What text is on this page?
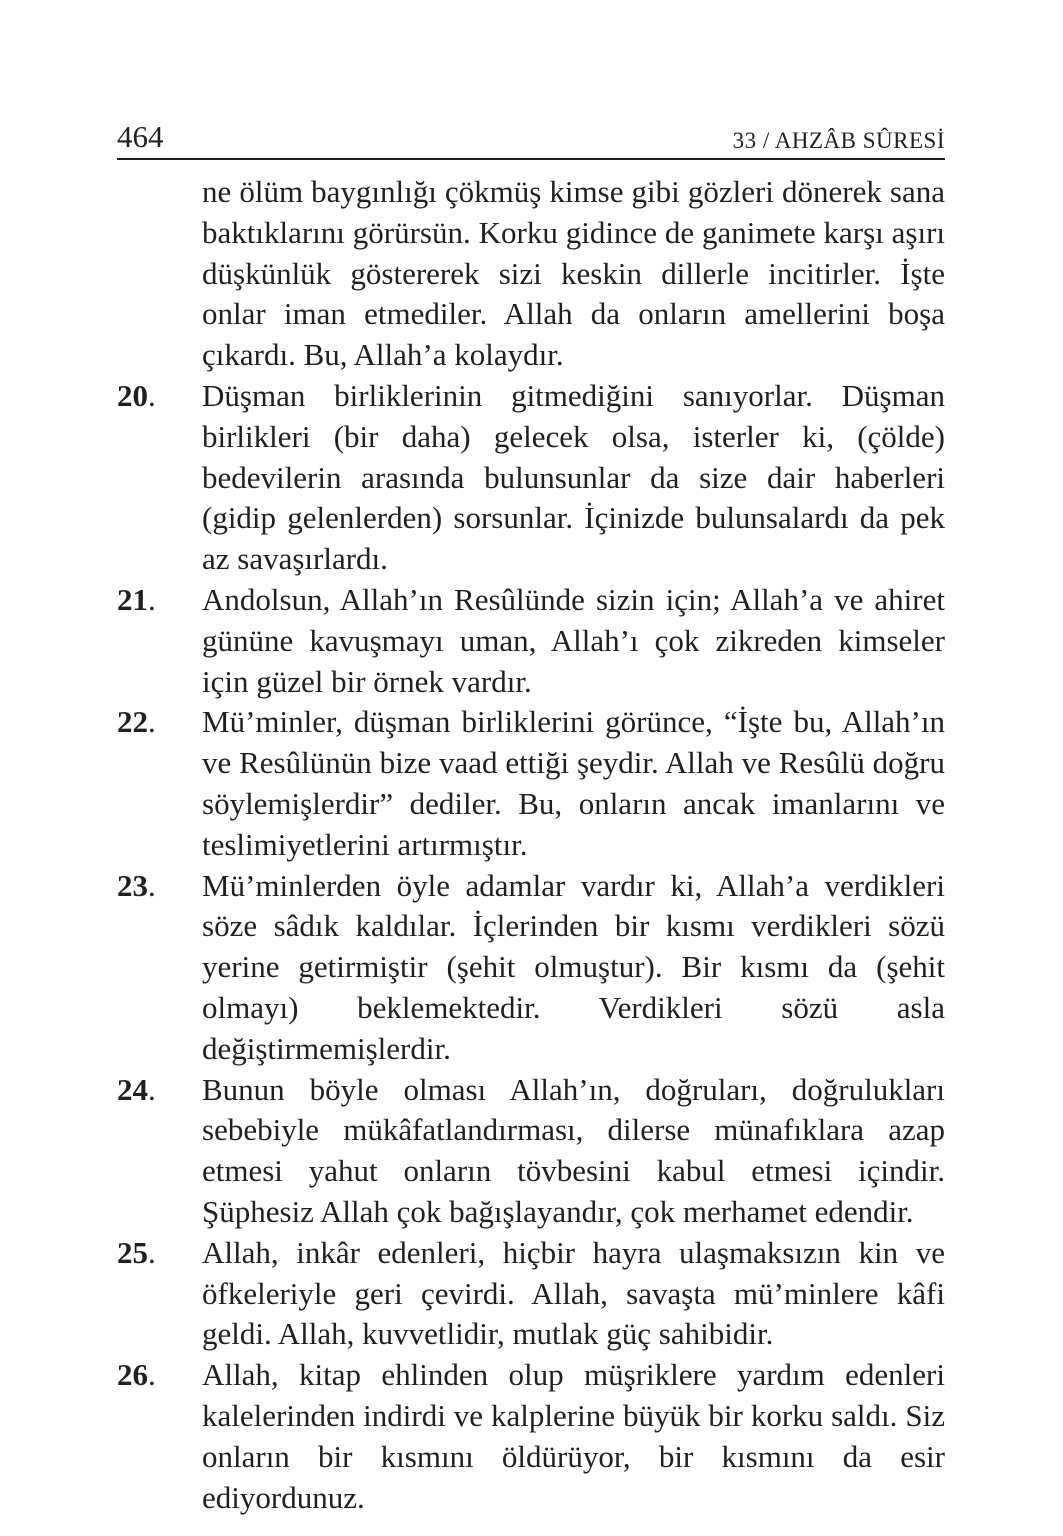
464	33 / AHZÂB SÛRESİ
ne ölüm baygınlığı çökmüş kimse gibi gözleri dönerek sana baktıklarını görürsün. Korku gidince de ganimete karşı aşırı düşkünlük göstererek sizi keskin dillerle incitirler. İşte onlar iman etmediler. Allah da onların amellerini boşa çıkardı. Bu, Allah’a kolaydır.
20. Düşman birliklerinin gitmediğini sanıyorlar. Düşman birlikleri (bir daha) gelecek olsa, isterler ki, (çölde) bedevilerin arasında bulunsunlar da size dair haberleri (gidip gelenlerden) sorsunlar. İçinizde bulunsalardı da pek az savaşırlardı.
21. Andolsun, Allah’ın Resûlünde sizin için; Allah’a ve ahiret gününe kavuşmayı uman, Allah’ı çok zikreden kimseler için güzel bir örnek vardır.
22. Mü’minler, düşman birliklerini görünce, “İşte bu, Allah’ın ve Resûlünün bize vaad ettiği şeydir. Allah ve Resûlü doğru söylemişlerdir” dediler. Bu, onların ancak imanlarını ve teslimiyetlerini artırmıştır.
23. Mü’minlerden öyle adamlar vardır ki, Allah’a verdikleri söze sâdık kaldılar. İçlerinden bir kısmı verdikleri sözü yerine getirmiştir (şehit olmuştur). Bir kısmı da (şehit olmayı) beklemektedir. Verdikleri sözü asla değiştirmemişlerdir.
24. Bunun böyle olması Allah’ın, doğruları, doğrulukları sebebiyle mükâfatlandırması, dilerse münafıklara azap etmesi yahut onların tövbesini kabul etmesi içindir. Şüphesiz Allah çok bağışlayandır, çok merhamet edendir.
25. Allah, inkâr edenleri, hiçbir hayra ulaşmaksızın kin ve öfkeleriyle geri çevirdi. Allah, savaşta mü’minlere kâfi geldi. Allah, kuvvetlidir, mutlak güç sahibidir.
26. Allah, kitap ehlinden olup müşriklere yardım edenleri kalelerinden indirdi ve kalplerine büyük bir korku saldı. Siz onların bir kısmını öldürüyor, bir kısmını da esir ediyordunuz.
